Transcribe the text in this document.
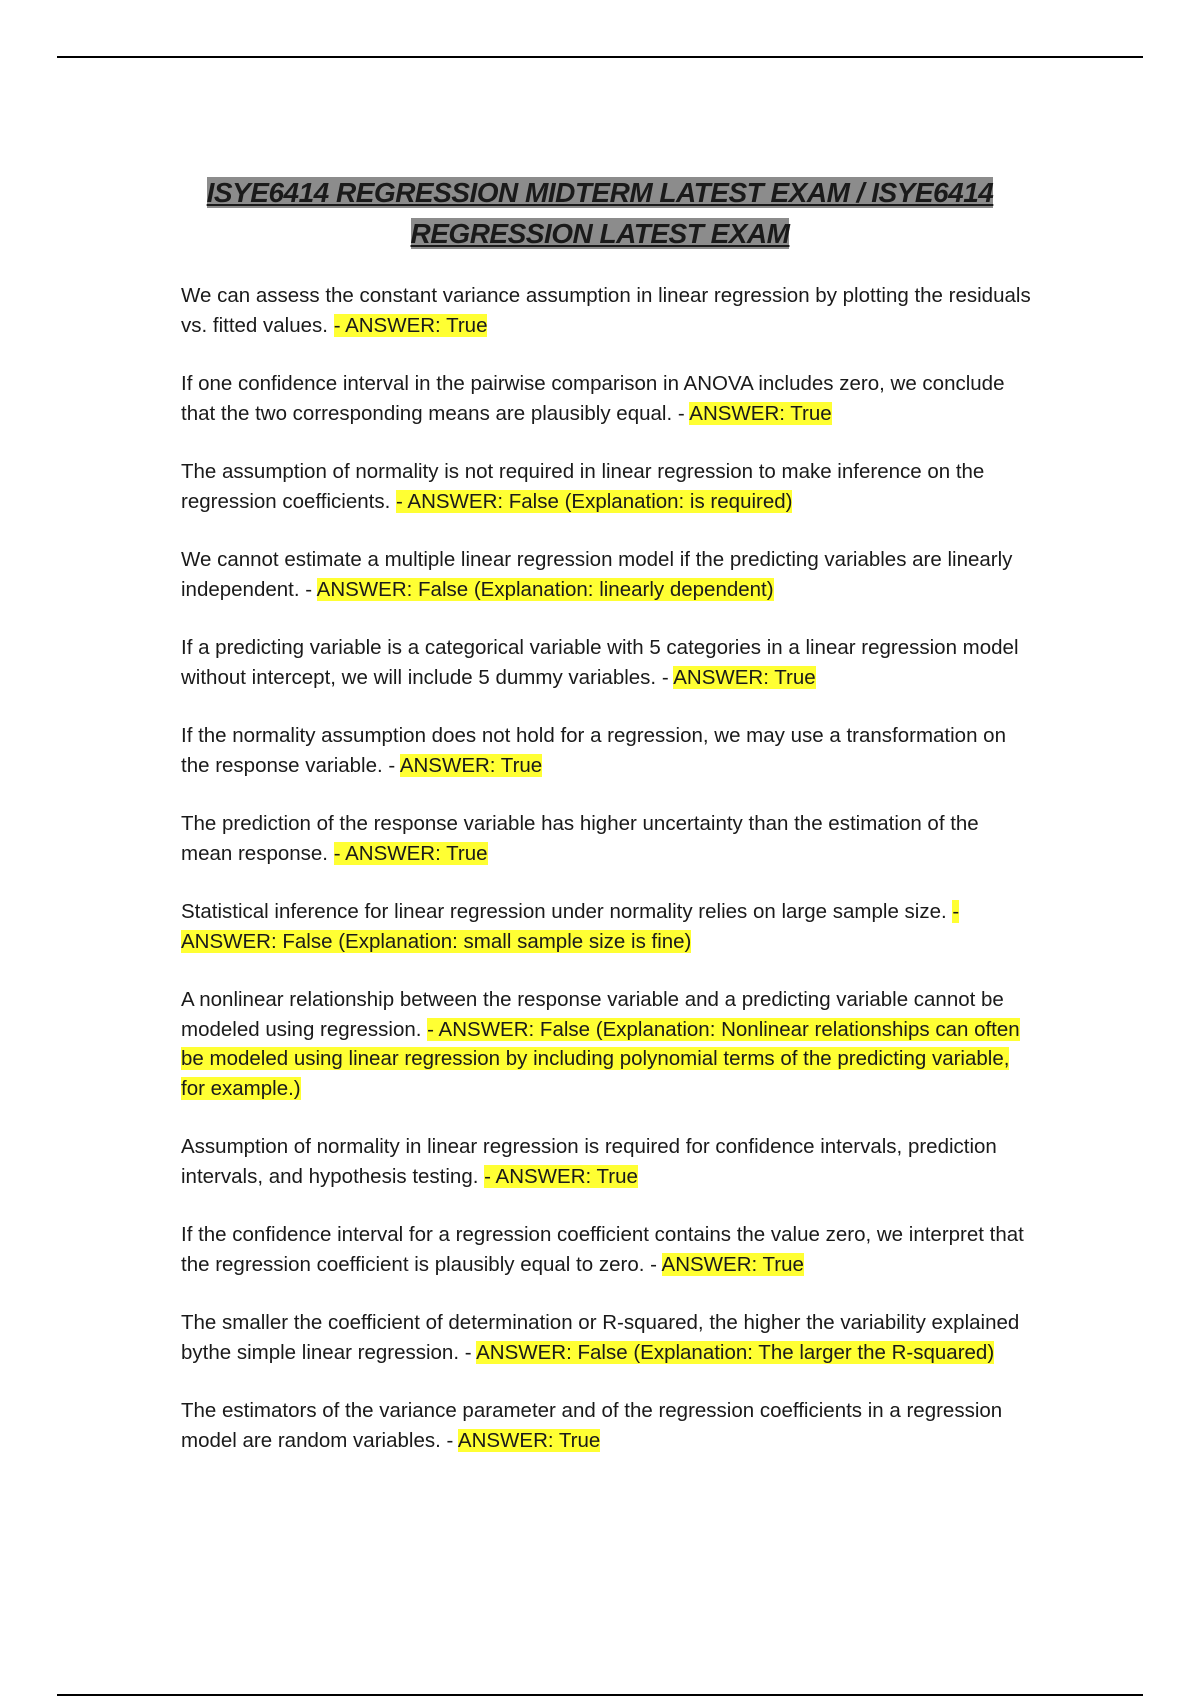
ISYE6414 REGRESSION MIDTERM LATEST EXAM / ISYE6414 REGRESSION LATEST EXAM
We can assess the constant variance assumption in linear regression by plotting the residuals vs. fitted values. - ANSWER: True
If one confidence interval in the pairwise comparison in ANOVA includes zero, we conclude that the two corresponding means are plausibly equal. - ANSWER: True
The assumption of normality is not required in linear regression to make inference on the regression coefficients. - ANSWER: False (Explanation: is required)
We cannot estimate a multiple linear regression model if the predicting variables are linearly independent. - ANSWER: False (Explanation: linearly dependent)
If a predicting variable is a categorical variable with 5 categories in a linear regression model without intercept, we will include 5 dummy variables. - ANSWER: True
If the normality assumption does not hold for a regression, we may use a transformation on the response variable. - ANSWER: True
The prediction of the response variable has higher uncertainty than the estimation of the mean response. - ANSWER: True
Statistical inference for linear regression under normality relies on large sample size. - ANSWER: False (Explanation: small sample size is fine)
A nonlinear relationship between the response variable and a predicting variable cannot be modeled using regression. - ANSWER: False (Explanation: Nonlinear relationships can often be modeled using linear regression by including polynomial terms of the predicting variable, for example.)
Assumption of normality in linear regression is required for confidence intervals, prediction intervals, and hypothesis testing. - ANSWER: True
If the confidence interval for a regression coefficient contains the value zero, we interpret that the regression coefficient is plausibly equal to zero. - ANSWER: True
The smaller the coefficient of determination or R-squared, the higher the variability explained bythe simple linear regression. - ANSWER: False (Explanation: The larger the R-squared)
The estimators of the variance parameter and of the regression coefficients in a regression model are random variables. - ANSWER: True
